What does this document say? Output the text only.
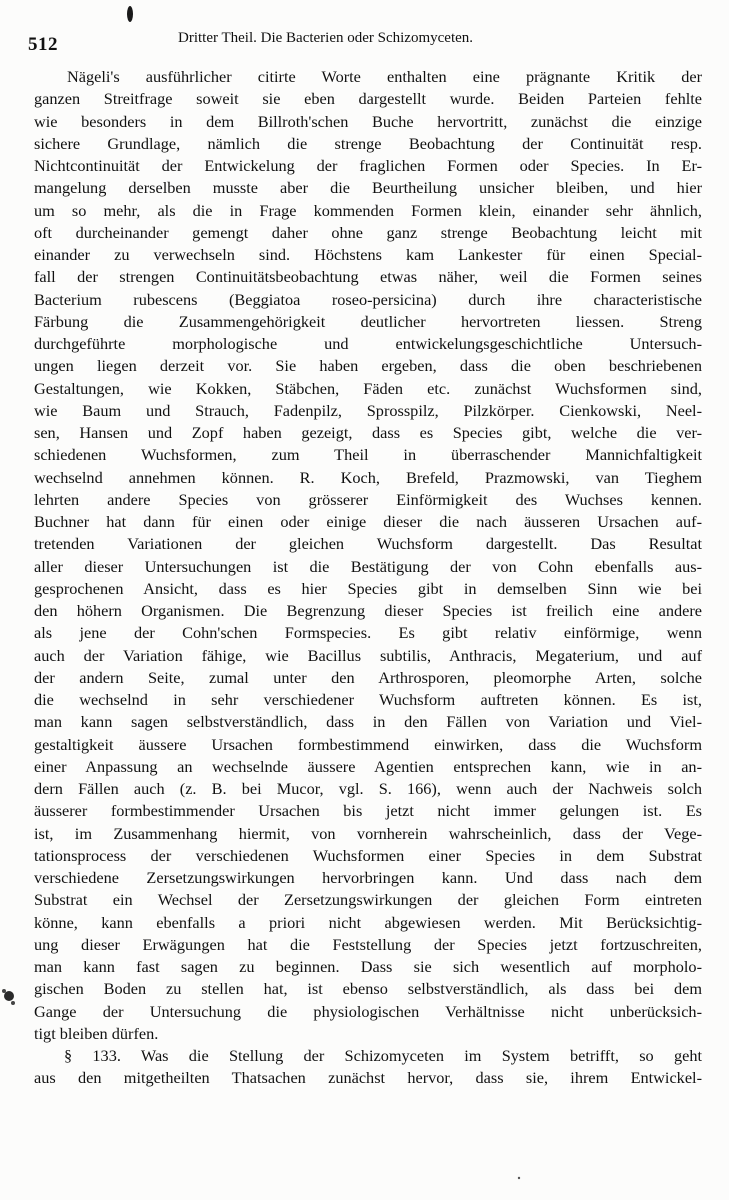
512	Dritter Theil. Die Bacterien oder Schizomyceten.
Nägeli's ausführlicher citirte Worte enthalten eine prägnante Kritik der
ganzen Streitfrage soweit sie eben dargestellt wurde. Beiden Parteien fehlte
wie besonders in dem Billroth'schen Buche hervortritt, zunächst die einzige
sichere Grundlage, nämlich die strenge Beobachtung der Continuität resp.
Nichtcontinuität der Entwickelung der fraglichen Formen oder Species. In Er-
mangelung derselben musste aber die Beurtheilung unsicher bleiben, und hier
um so mehr, als die in Frage kommenden Formen klein, einander sehr ähnlich,
oft durcheinander gemengt daher ohne ganz strenge Beobachtung leicht mit
einander zu verwechseln sind. Höchstens kam Lankester für einen Special-
fall der strengen Continuitätsbeobachtung etwas näher, weil die Formen seines
Bacterium rubescens (Beggiatoa roseo-persicina) durch ihre characteristische
Färbung die Zusammengehörigkeit deutlicher hervortreten liessen. Streng
durchgeführte morphologische und entwickelungsgeschichtliche Untersuch-
ungen liegen derzeit vor. Sie haben ergeben, dass die oben beschriebenen
Gestaltungen, wie Kokken, Stäbchen, Fäden etc. zunächst Wuchsformen sind,
wie Baum und Strauch, Fadenpilz, Sprosspilz, Pilzkörper. Cienkowski, Neel-
sen, Hansen und Zopf haben gezeigt, dass es Species gibt, welche die ver-
schiedenen Wuchsformen, zum Theil in überraschender Mannichfaltigkeit
wechselnd annehmen können. R. Koch, Brefeld, Prazmowski, van Tieghem
lehrten andere Species von grösserer Einförmigkeit des Wuchses kennen.
Buchner hat dann für einen oder einige dieser die nach äusseren Ursachen auf-
tretenden Variationen der gleichen Wuchsform dargestellt. Das Resultat
aller dieser Untersuchungen ist die Bestätigung der von Cohn ebenfalls aus-
gesprochenen Ansicht, dass es hier Species gibt in demselben Sinn wie bei
den höhern Organismen. Die Begrenzung dieser Species ist freilich eine andere
als jene der Cohn'schen Formspecies. Es gibt relativ einförmige, wenn
auch der Variation fähige, wie Bacillus subtilis, Anthracis, Megaterium, und auf
der andern Seite, zumal unter den Arthrosporen, pleomorphe Arten, solche
die wechselnd in sehr verschiedener Wuchsform auftreten können. Es ist,
man kann sagen selbstverständlich, dass in den Fällen von Variation und Viel-
gestaltigkeit äussere Ursachen formbestimmend einwirken, dass die Wuchsform
einer Anpassung an wechselnde äussere Agentien entsprechen kann, wie in an-
dern Fällen auch (z. B. bei Mucor, vgl. S. 166), wenn auch der Nachweis solch
äusserer formbestimmender Ursachen bis jetzt nicht immer gelungen ist. Es
ist, im Zusammenhang hiermit, von vornherein wahrscheinlich, dass der Vege-
tationsprocess der verschiedenen Wuchsformen einer Species in dem Substrat
verschiedene Zersetzungswirkungen hervorbringen kann. Und dass nach dem
Substrat ein Wechsel der Zersetzungswirkungen der gleichen Form eintreten
könne, kann ebenfalls a priori nicht abgewiesen werden. Mit Berücksichtig-
ung dieser Erwägungen hat die Feststellung der Species jetzt fortzuschreiten,
man kann fast sagen zu beginnen. Dass sie sich wesentlich auf morpholo-
gischen Boden zu stellen hat, ist ebenso selbstverständlich, als dass bei dem
Gange der Untersuchung die physiologischen Verhältnisse nicht unberücksich-
tigt bleiben dürfen.
§ 133. Was die Stellung der Schizomyceten im System betrifft, so geht
aus den mitgetheilten Thatsachen zunächst hervor, dass sie, ihrem Entwickel-
